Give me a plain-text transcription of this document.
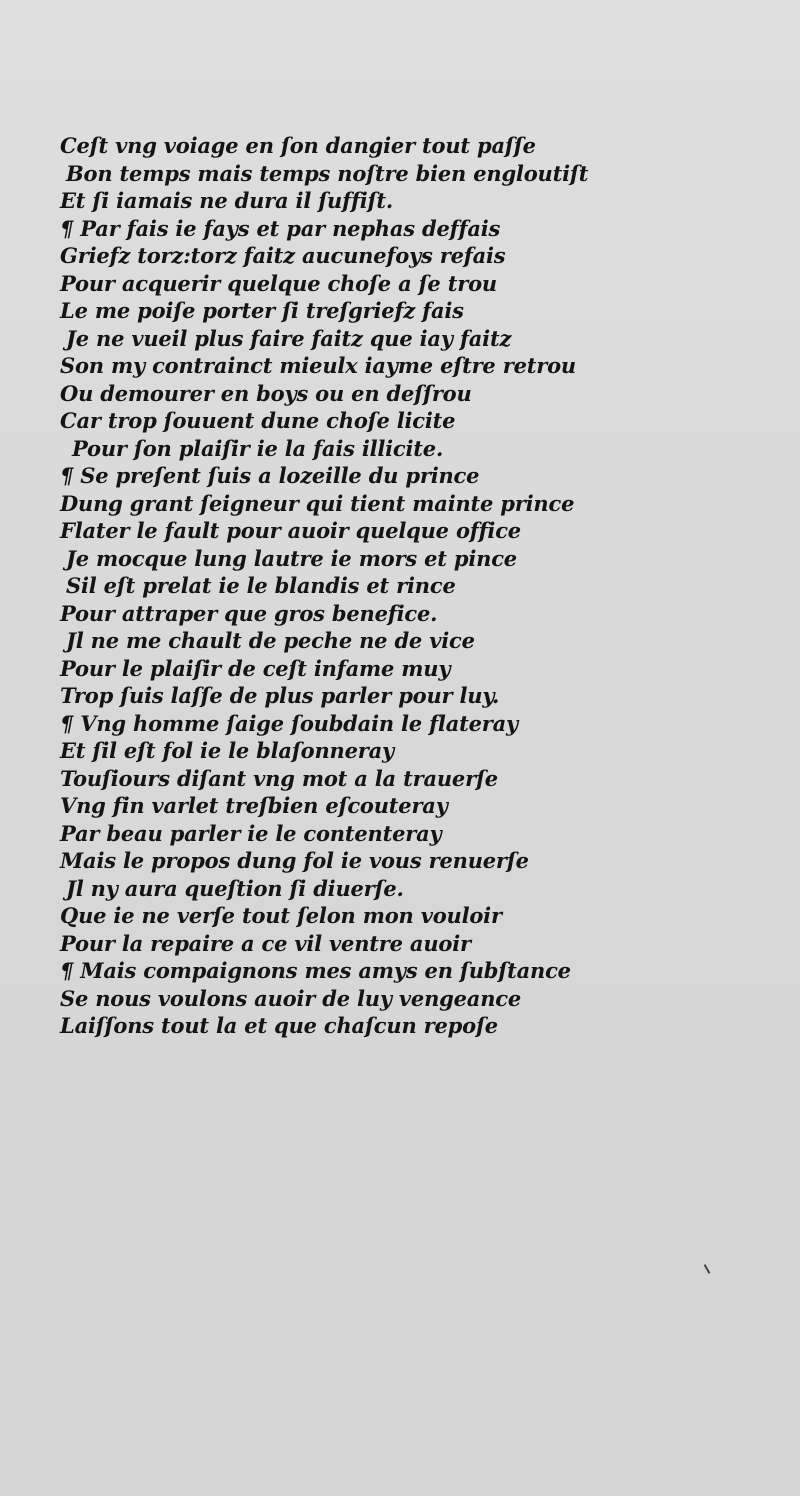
Ceſt vng voiage en ſon dangier tout paſſe
Bon temps mais temps noſtre bien engloutiſt
Et ſi iamais ne dura il ſuffiſt.
¶ Par fais ie fays et par nephas deffais
Griefz torz:torz faitz aucunefoys refais
Pour acquerir quelque choſe a ſe trou
Le me poiſe porter ſi treſgriefz fais
Je ne vueil plus faire faitz que iay faitz
Son my contrainct mieulx iayme eſtre retrou
Ou demourer en boys ou en deſſrou
Car trop ſouuent dune choſe licite
Pour ſon plaiſir ie la fais illicite.
¶ Se preſent ſuis a lozeille du prince
Dung grant ſeigneur qui tient mainte prince
Flater le fault pour auoir quelque office
Je mocque lung lautre ie mors et pince
Sil eſt prelat ie le blandis et rince
Pour attraper que gros benefice.
Jl ne me chault de peche ne de vice
Pour le plaiſir de ceſt infame muy
Trop ſuis laſſe de plus parler pour luy.
¶ Vng homme ſaige ſoubdain le flateray
Et ſil eſt fol ie le blaſonneray
Touſiours diſant vng mot a la trauerſe
Vng fin varlet treſbien eſcouteray
Par beau parler ie le contenteray
Mais le propos dung fol ie vous renuerſe
Jl ny aura queſtion ſi diuerſe.
Que ie ne verſe tout ſelon mon vouloir
Pour la repaire a ce vil ventre auoir
¶ Mais compaignons mes amys en ſubſtance
Se nous voulons auoir de luy vengeance
Laiſſons tout la et que chaſcun repoſe
